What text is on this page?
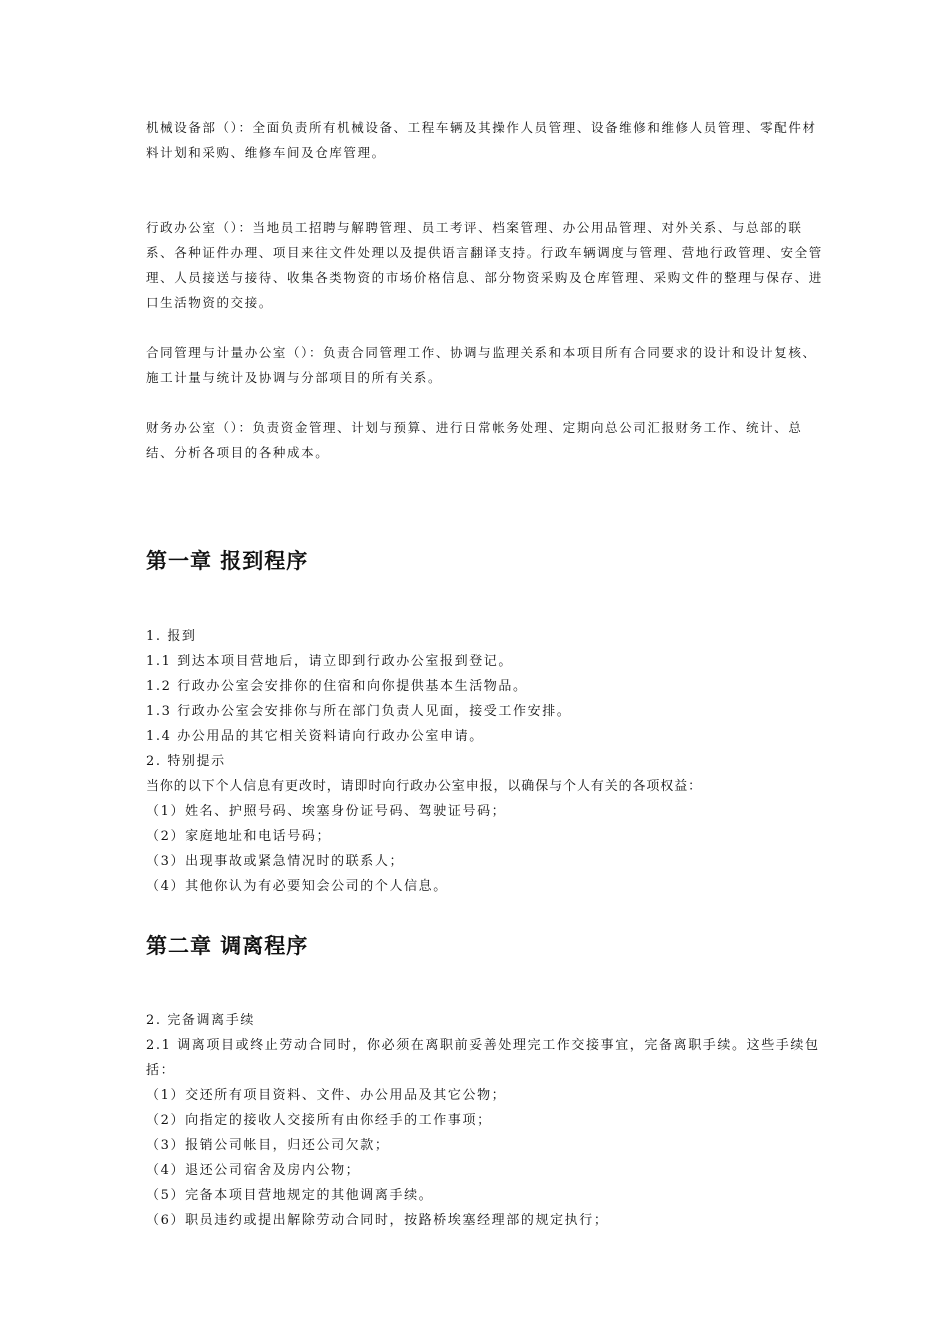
机械设备部（）：全面负责所有机械设备、工程车辆及其操作人员管理、设备维修和维修人员管理、零配件材料计划和采购、维修车间及仓库管理。

行政办公室（）：当地员工招聘与解聘管理、员工考评、档案管理、办公用品管理、对外关系、与总部的联系、各种证件办理、项目来往文件处理以及提供语言翻译支持。行政车辆调度与管理、营地行政管理、安全管理、人员接送与接待、收集各类物资的市场价格信息、部分物资采购及仓库管理、采购文件的整理与保存、进口生活物资的交接。

合同管理与计量办公室（）：负责合同管理工作、协调与监理关系和本项目所有合同要求的设计和设计复核、施工计量与统计及协调与分部项目的所有关系。

财务办公室（）：负责资金管理、计划与预算、进行日常帐务处理、定期向总公司汇报财务工作、统计、总结、分析各项目的各种成本。

第一章 报到程序
1. 报到
1.1 到达本项目营地后，请立即到行政办公室报到登记。
1.2 行政办公室会安排你的住宿和向你提供基本生活物品。
1.3 行政办公室会安排你与所在部门负责人见面，接受工作安排。
1.4 办公用品的其它相关资料请向行政办公室申请。
2. 特别提示
当你的以下个人信息有更改时，请即时向行政办公室申报，以确保与个人有关的各项权益：
（1）姓名、护照号码、埃塞身份证号码、驾驶证号码；
（2）家庭地址和电话号码；
（3）出现事故或紧急情况时的联系人；
（4）其他你认为有必要知会公司的个人信息。
第二章 调离程序
2. 完备调离手续
2.1 调离项目或终止劳动合同时，你必须在离职前妥善处理完工作交接事宜，完备离职手续。这些手续包括：
（1）交还所有项目资料、文件、办公用品及其它公物；
（2）向指定的接收人交接所有由你经手的工作事项；
（3）报销公司帐目，归还公司欠款；
（4）退还公司宿舍及房内公物；
（5）完备本项目营地规定的其他调离手续。
（6）职员违约或提出解除劳动合同时，按路桥埃塞经理部的规定执行；
